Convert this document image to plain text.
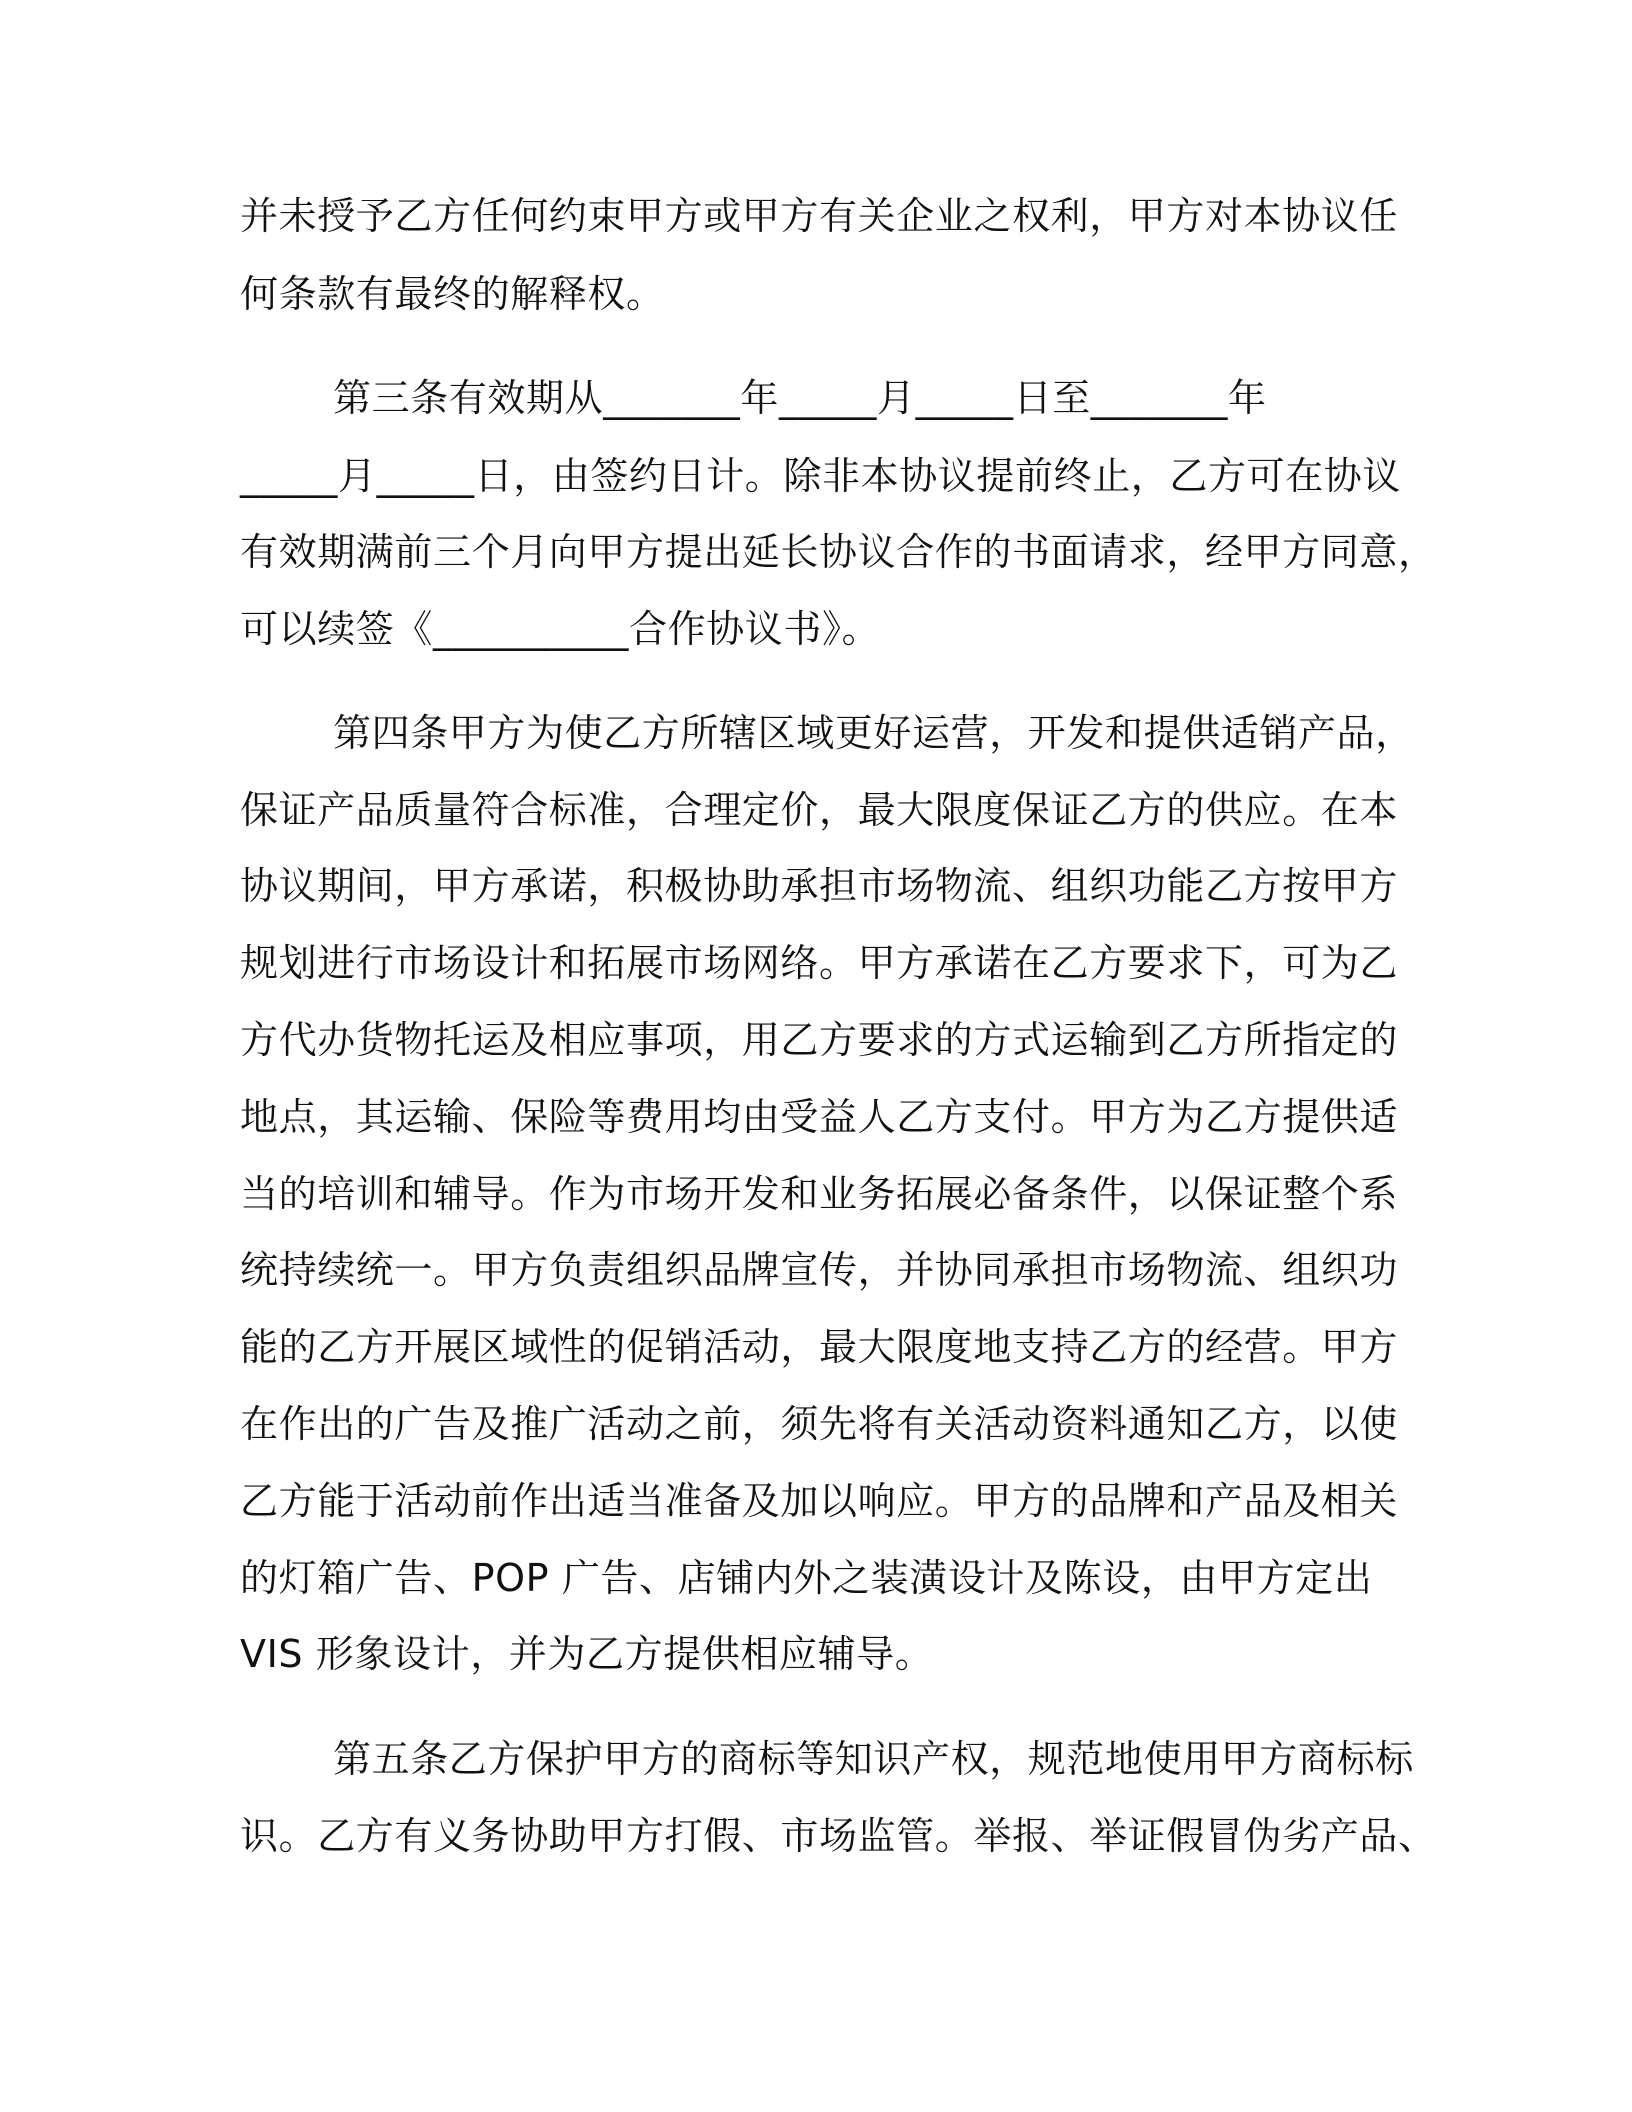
并未授予乙方任何约束甲方或甲方有关企业之权利，甲方对本协议任

何条款有最终的解释权。

第三条有效期从_______年_____月_____日至_______年

_____月_____日，由签约日计。除非本协议提前终止，乙方可在协议

有效期满前三个月向甲方提出延长协议合作的书面请求，经甲方同意，

可以续签《__________合作协议书》。

第四条甲方为使乙方所辖区域更好运营，开发和提供适销产品，

保证产品质量符合标准，合理定价，最大限度保证乙方的供应。在本

协议期间，甲方承诺，积极协助承担市场物流、组织功能乙方按甲方

规划进行市场设计和拓展市场网络。甲方承诺在乙方要求下，可为乙

方代办货物托运及相应事项，用乙方要求的方式运输到乙方所指定的

地点，其运输、保险等费用均由受益人乙方支付。甲方为乙方提供适

当的培训和辅导。作为市场开发和业务拓展必备条件，以保证整个系

统持续统一。甲方负责组织品牌宣传，并协同承担市场物流、组织功

能的乙方开展区域性的促销活动，最大限度地支持乙方的经营。甲方

在作出的广告及推广活动之前，须先将有关活动资料通知乙方，以使

乙方能于活动前作出适当准备及加以响应。甲方的品牌和产品及相关

的灯箱广告、POP 广告、店铺内外之装潢设计及陈设，由甲方定出

VIS 形象设计，并为乙方提供相应辅导。

第五条乙方保护甲方的商标等知识产权，规范地使用甲方商标标

识。乙方有义务协助甲方打假、市场监管。举报、举证假冒伪劣产品、
